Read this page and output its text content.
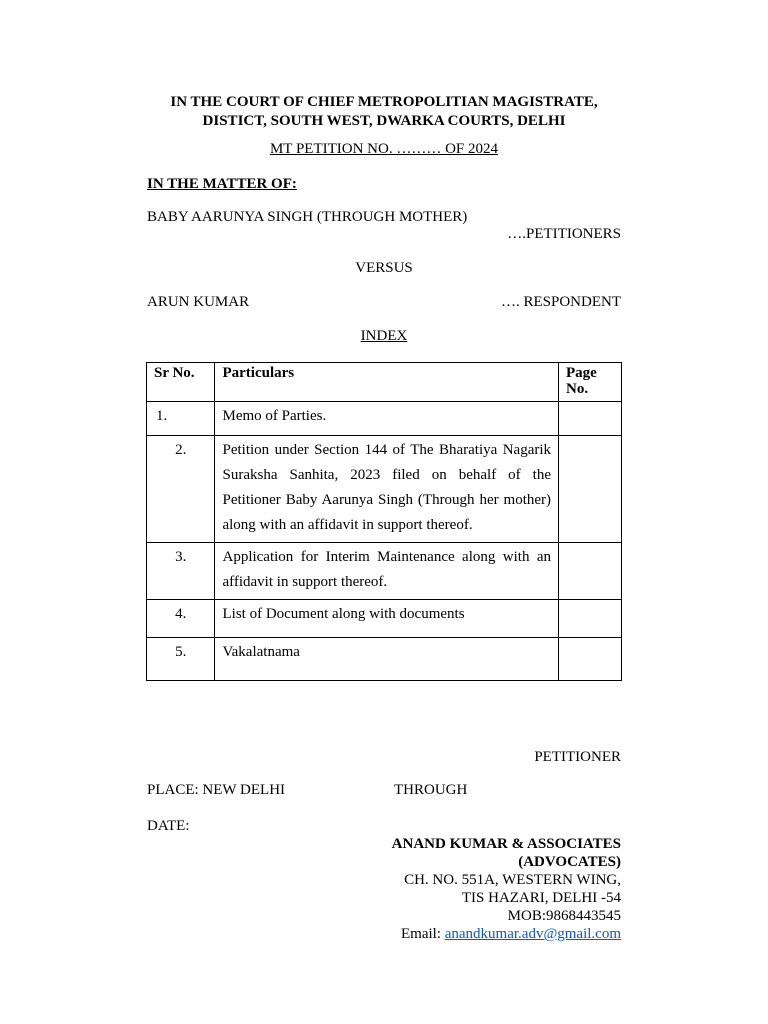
IN THE COURT OF CHIEF METROPOLITIAN MAGISTRATE,
DISTICT, SOUTH WEST, DWARKA COURTS, DELHI
MT PETITION NO. ……… OF 2024
IN THE MATTER OF:
BABY AARUNYA SINGH (THROUGH MOTHER)
….PETITIONERS
VERSUS
ARUN KUMAR	…. RESPONDENT
INDEX
Sr No.	Particulars	Page No.
1.	Memo of Parties.	
2.	Petition under Section 144 of The Bharatiya Nagarik Suraksha Sanhita, 2023 filed on behalf of the Petitioner Baby Aarunya Singh (Through her mother) along with an affidavit in support thereof.	
3.	Application for Interim Maintenance along with an affidavit in support thereof.	
4.	List of Document along with documents	
5.	Vakalatnama	
PETITIONER
PLACE: NEW DELHI	THROUGH
DATE:
ANAND KUMAR & ASSOCIATES
(ADVOCATES)
CH. NO. 551A, WESTERN WING,
TIS HAZARI, DELHI -54
MOB:9868443545
Email: anandkumar.adv@gmail.com
